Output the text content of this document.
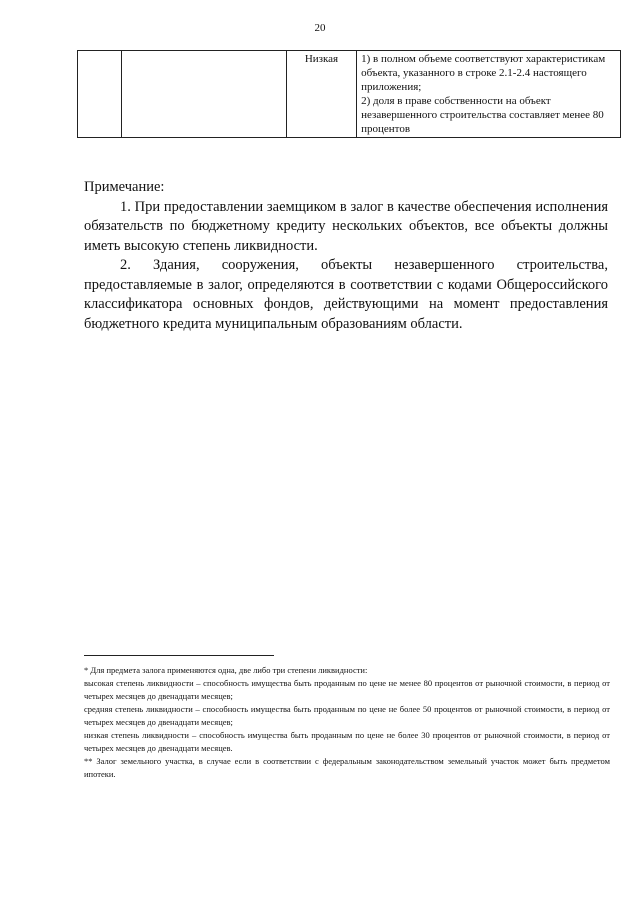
20
		Низкая	1) в полном объеме соответствуют характеристикам объекта, указанного в строке 2.1-2.4 настоящего приложения;
2) доля в праве собственности на объект незавершенного строительства составляет менее 80 процентов

Примечание:

1. При предоставлении заемщиком в залог в качестве обеспечения исполнения обязательств по бюджетному кредиту нескольких объектов, все объекты должны иметь высокую степень ликвидности.

2. Здания, сооружения, объекты незавершенного строительства, предоставляемые в залог, определяются в соответствии с кодами Общероссийского классификатора основных фондов, действующими на момент предоставления бюджетного кредита муниципальным образованиям области.

* Для предмета залога применяются одна, две либо три степени ликвидности:

высокая степень ликвидности – способность имущества быть проданным по цене не менее 80 процентов от рыночной стоимости, в период от четырех месяцев до двенадцати месяцев;

средняя степень ликвидности – способность имущества быть проданным по цене не более 50 процентов от рыночной стоимости, в период от четырех месяцев до двенадцати месяцев;

низкая степень ликвидности – способность имущества быть проданным по цене не более 30 процентов от рыночной стоимости, в период от четырех месяцев до двенадцати месяцев.

** Залог земельного участка, в случае если в соответствии с федеральным законодательством земельный участок может быть предметом ипотеки.
